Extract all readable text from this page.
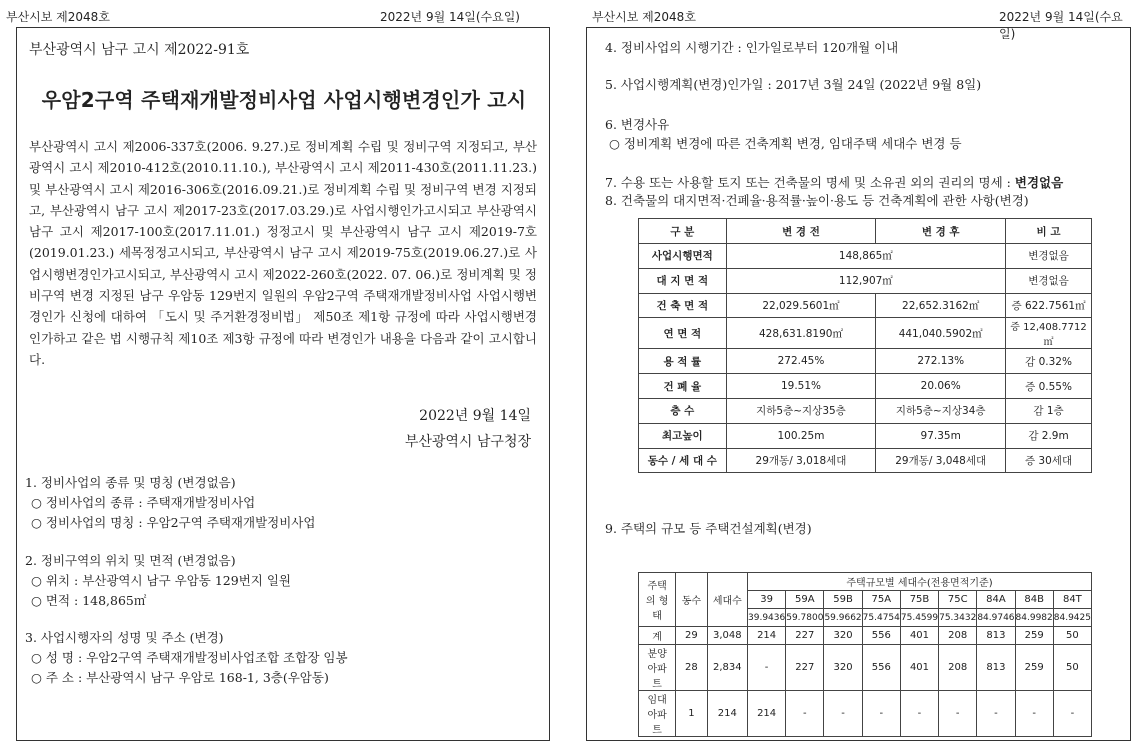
부산시보 제2048호	2022년 9월 14일(수요일)	부산시보 제2048호	2022년 9월 14일(수요일)
부산광역시 남구 고시 제2022-91호
우암2구역 주택재개발정비사업 사업시행변경인가 고시
부산광역시 고시 제2006-337호(2006. 9.27.)로 정비계획 수립 및 정비구역 지정되고, 부산광역시 고시 제2010-412호(2010.11.10.), 부산광역시 고시 제2011-430호(2011.11.23.) 및 부산광역시 고시 제2016-306호(2016.09.21.)로 정비계획 수립 및 정비구역 변경 지정되고, 부산광역시 남구 고시 제2017-23호(2017.03.29.)로 사업시행인가고시되고 부산광역시 남구 고시 제2017-100호(2017.11.01.) 정정고시 및 부산광역시 남구 고시 제2019-7호(2019.01.23.) 세목정정고시되고, 부산광역시 남구 고시 제2019-75호(2019.06.27.)로 사업시행변경인가고시되고, 부산광역시 고시 제2022-260호(2022. 07. 06.)로 정비계획 및 정비구역 변경 지정된 남구 우암동 129번지 일원의 우암2구역 주택재개발정비사업 사업시행변경인가 신청에 대하여 「도시 및 주거환경정비법」 제50조 제1항 규정에 따라 사업시행변경인가하고 같은 법 시행규칙 제10조 제3항 규정에 따라 변경인가 내용을 다음과 같이 고시합니다.
2022년 9월 14일
부산광역시 남구청장
1. 정비사업의 종류 및 명칭 (변경없음)
○ 정비사업의 종류 : 주택재개발정비사업
○ 정비사업의 명칭 : 우암2구역 주택재개발정비사업
2. 정비구역의 위치 및 면적 (변경없음)
○ 위치 : 부산광역시 남구 우암동 129번지 일원
○ 면적 : 148,865㎡
3. 사업시행자의 성명 및 주소 (변경)
○ 성 명 : 우암2구역 주택재개발정비사업조합 조합장 임봉
○ 주 소 : 부산광역시 남구 우암로 168-1, 3층(우암동)
4. 정비사업의 시행기간 : 인가일로부터 120개월 이내
5. 사업시행계획(변경)인가일 : 2017년 3월 24일 (2022년 9월 8일)
6. 변경사유
○ 정비계획 변경에 따른 건축계획 변경, 임대주택 세대수 변경 등
7. 수용 또는 사용할 토지 또는 건축물의 명세 및 소유권 외의 권리의 명세 : 변경없음
8. 건축물의 대지면적·건폐율·용적률·높이·용도 등 건축계획에 관한 사항(변경)
구 분	변 경 전	변 경 후	비 고
사업시행면적	148,865㎡		변경없음
대 지 면 적	112,907㎡		변경없음
건 축 면 적	22,029.5601㎡	22,652.3162㎡	증 622.7561㎡
연 면 적	428,631.8190㎡	441,040.5902㎡	증 12,408.7712㎡
용 적 률	272.45%	272.13%	감 0.32%
건 폐 율	19.51%	20.06%	증 0.55%
층 수	지하5층~지상35층	지하5층~지상34층	감 1층
최고높이	100.25m	97.35m	감 2.9m
동수 / 세 대 수	29개동/ 3,018세대	29개동/ 3,048세대	증 30세대
9. 주택의 규모 등 주택건설계획(변경)
주택의 형태	동수	세대수	주택규모별 세대수(전용면적기준)								
			39	59A	59B	75A	75B	75C	84A	84B	84T
			39.9436	59.7800	59.9662	75.4754	75.4599	75.3432	84.9746	84.9982	84.9425
계	29	3,048	214	227	320	556	401	208	813	259	50
분양 아파트	28	2,834	-	227	320	556	401	208	813	259	50
임대 아파트	1	214	214	-	-	-	-	-	-	-	-
